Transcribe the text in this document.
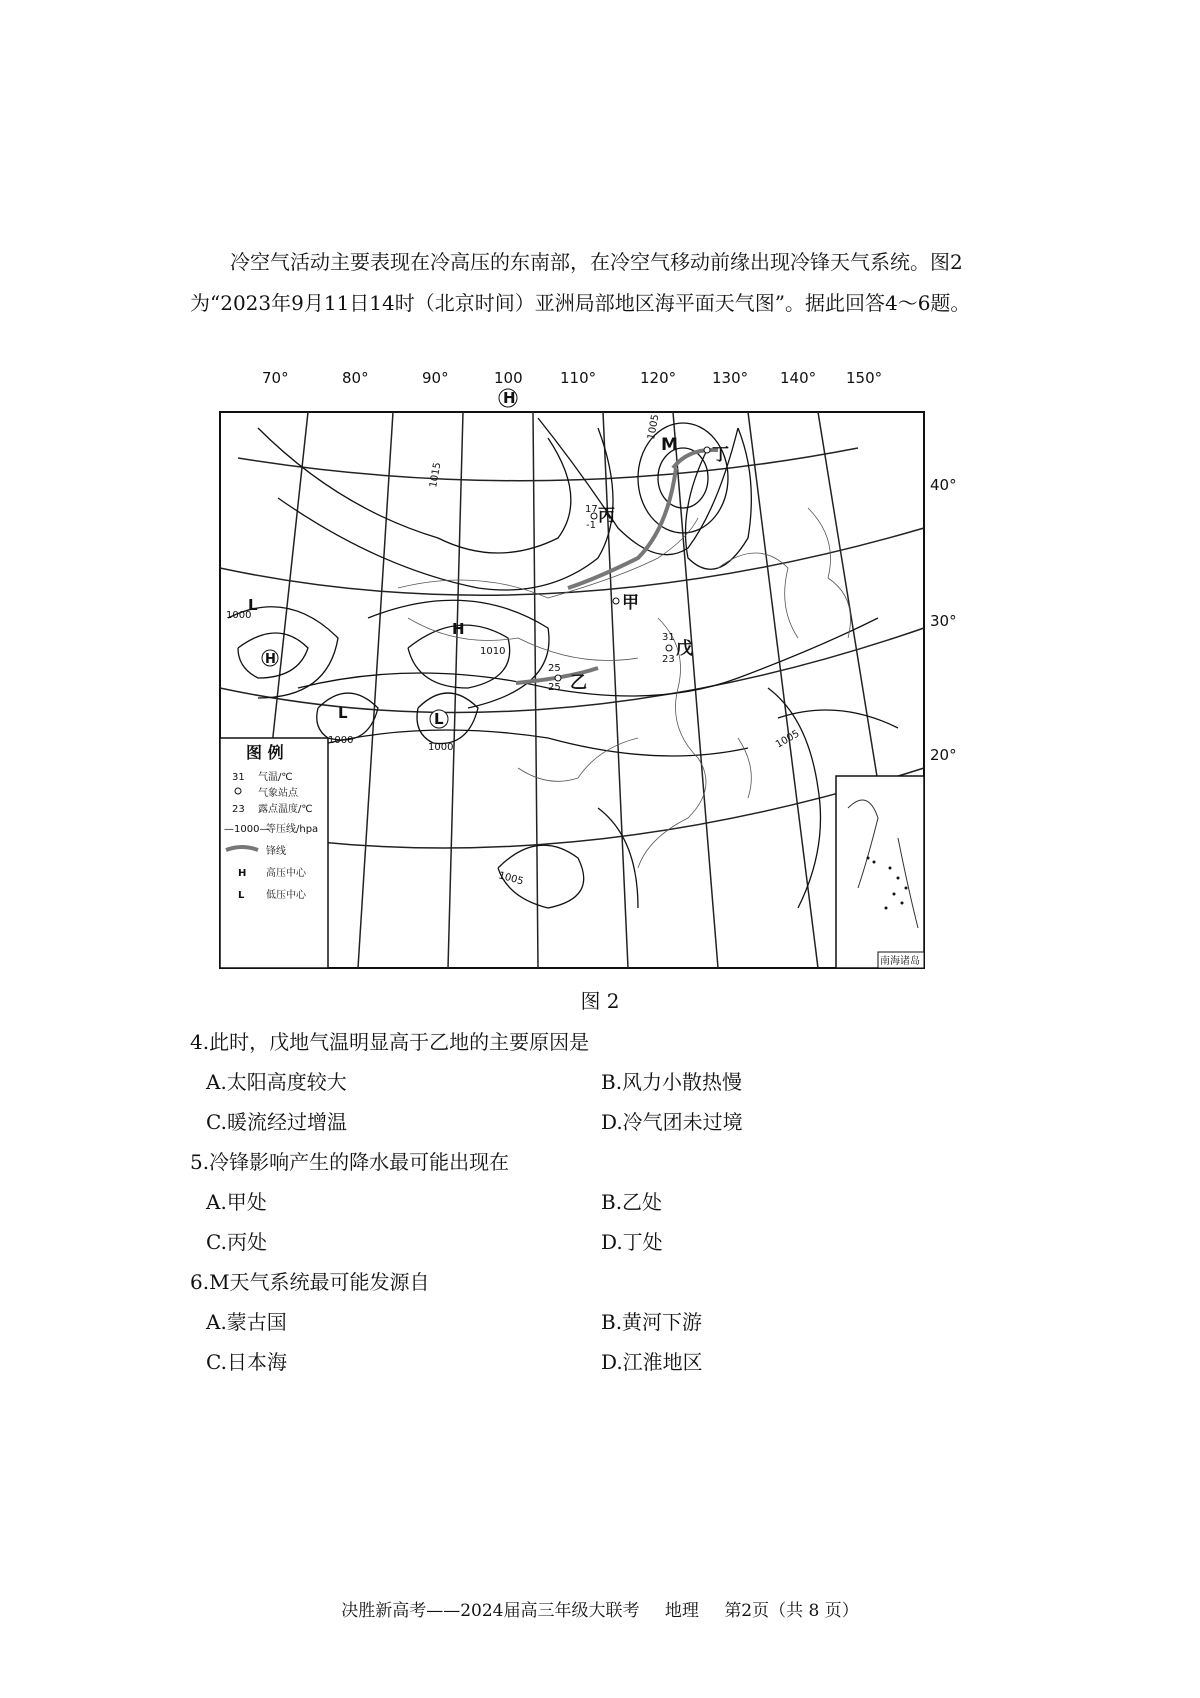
冷空气活动主要表现在冷高压的东南部，在冷空气移动前缘出现冷锋天气系统。图2为“2023年9月11日14时（北京时间）亚洲局部地区海平面天气图”。据此回答4～6题。

H
H
H
L
L	L
M
1015
1005
1000
1010
1000
1000	1005
1005
甲
乙
丙
丁
戊
17
-1
25
25
31
23
40°
30°
20°
南海诸岛
图 例
31 气温/℃
气象站点
23 露点温度/℃
—1000—
等压线/hpa
锋线
H 高压中心
L 低压中心
70°	80°	90°	100 110°	120° 130° 140° 150°
图 2

4.此时，戊地气温明显高于乙地的主要原因是

A.太阳高度较大	B.风力小散热慢
C.暖流经过增温	D.冷气团未过境

5.冷锋影响产生的降水最可能出现在

A.甲处	B.乙处
C.丙处	D.丁处

6.M天气系统最可能发源自

A.蒙古国	B.黄河下游
C.日本海	D.江淮地区
决胜新高考——2024届高三年级大联考 地理 第2页（共 8 页）
